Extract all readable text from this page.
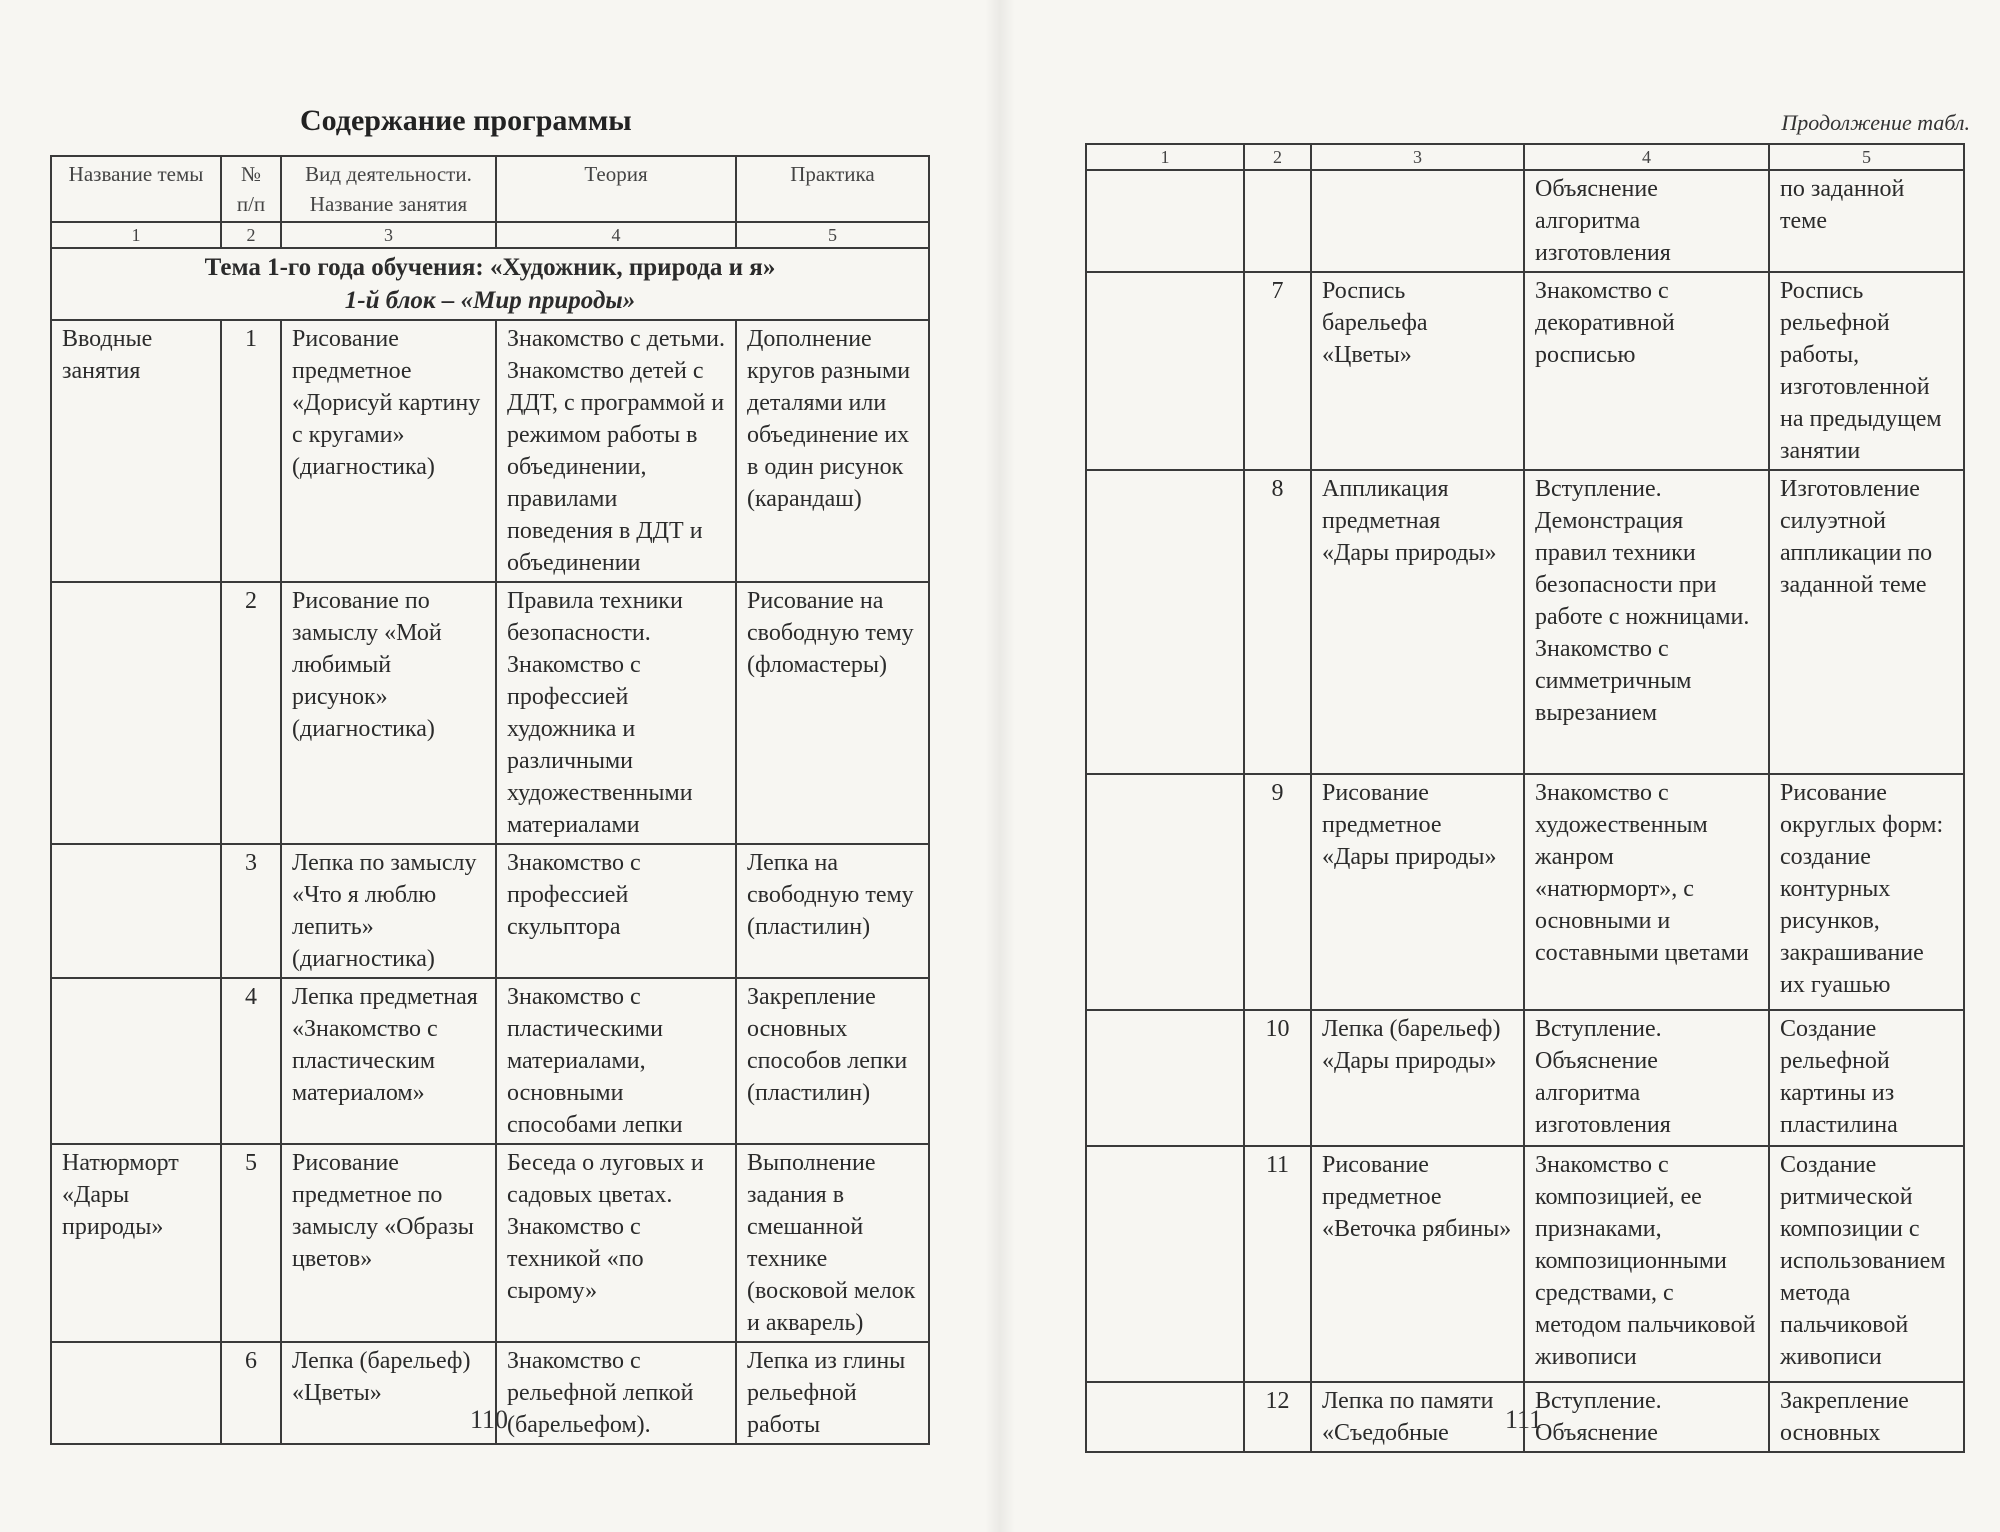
Содержание программы
Название темы	№ п/п	Вид деятельности. Название занятия	Теория	Практика
1	2	3	4	5

Тема 1-го года обучения: «Художник, природа и я»
1-й блок – «Мир природы»				

Вводные занятия	1	Рисование предметное «Дорисуй картину с кругами» (диагностика)	Знакомство с детьми. Знакомство детей с ДДТ, с программой и режимом работы в объединении, правилами поведения в ДДТ и объединении	Дополнение кругов разными деталями или объединение их в один рисунок (карандаш)
	2	Рисование по замыслу «Мой любимый рисунок» (диагностика)	Правила техники безопасности. Знакомство с профессией художника и различными художественными материалами	Рисование на свободную тему (фломастеры)
	3	Лепка по замыслу «Что я люблю лепить» (диагностика)	Знакомство с профессией скульптора	Лепка на свободную тему (пластилин)
	4	Лепка предметная «Знакомство с пластическим материалом»	Знакомство с пластическими материалами, основными способами лепки	Закрепление основных способов лепки (пластилин)
Натюрморт «Дары природы»	5	Рисование предметное по замыслу «Образы цветов»	Беседа о луговых и садовых цветах. Знакомство с техникой «по сырому»	Выполнение задания в смешанной технике (восковой мелок и акварель)
	6	Лепка (барельеф) «Цветы»	Знакомство с рельефной лепкой (барельефом).	Лепка из глины рельефной работы
110
Продолжение табл.
1	2	3	4	5
			Объяснение алгоритма изготовления	по заданной теме
	7	Роспись барельефа «Цветы»	Знакомство с декоративной росписью	Роспись рельефной работы, изготовленной на предыдущем занятии
	8	Аппликация предметная «Дары природы»	Вступление. Демонстрация правил техники безопасности при работе с ножницами. Знакомство с симметричным вырезанием	Изготовление силуэтной аппликации по заданной теме
	9	Рисование предметное «Дары природы»	Знакомство с художественным жанром «натюрморт», с основными и составными цветами	Рисование округлых форм: создание контурных рисунков, закрашивание их гуашью
	10	Лепка (барельеф) «Дары природы»	Вступление. Объяснение алгоритма изготовления	Создание рельефной картины из пластилина
	11	Рисование предметное «Веточка рябины»	Знакомство с композицией, ее признаками, композиционными средствами, с методом пальчиковой живописи	Создание ритмической композиции с использованием метода пальчиковой живописи
	12	Лепка по памяти «Съедобные	Вступление. Объяснение	Закрепление основных
111
